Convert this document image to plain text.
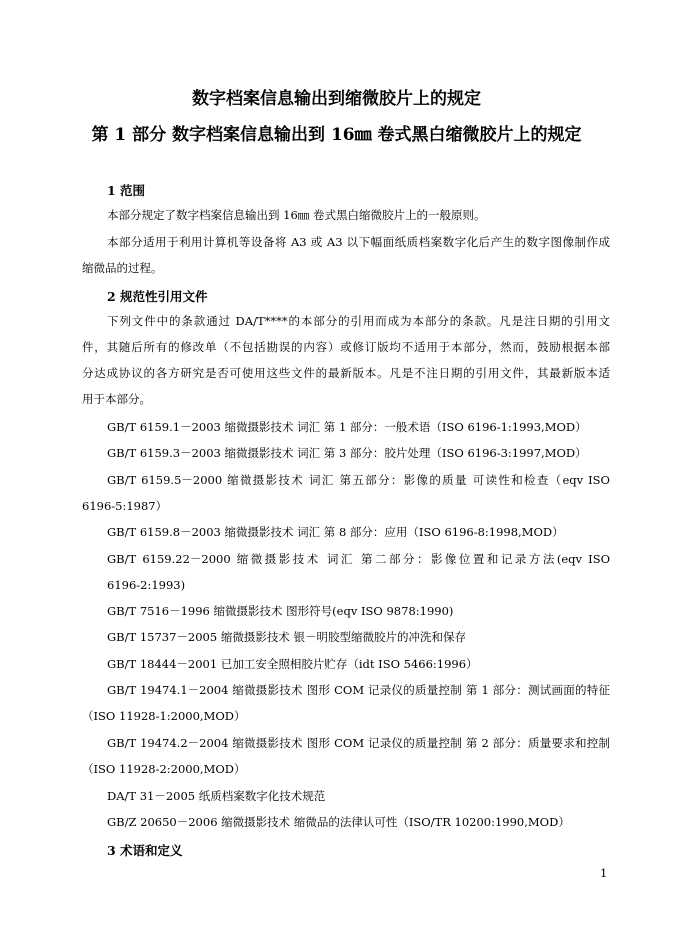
数字档案信息输出到缩微胶片上的规定
第 1 部分 数字档案信息输出到 16㎜ 卷式黑白缩微胶片上的规定
1 范围
本部分规定了数字档案信息输出到 16㎜ 卷式黑白缩微胶片上的一般原则。
本部分适用于利用计算机等设备将 A3 或 A3 以下幅面纸质档案数字化后产生的数字图像制作成
缩微品的过程。
2 规范性引用文件
下列文件中的条款通过 DA/T****的本部分的引用而成为本部分的条款。凡是注日期的引用文
件，其随后所有的修改单（不包括勘误的内容）或修订版均不适用于本部分，然而，鼓励根据本部
分达成协议的各方研究是否可使用这些文件的最新版本。凡是不注日期的引用文件，其最新版本适
用于本部分。
GB/T 6159.1－2003 缩微摄影技术 词汇 第 1 部分：一般术语（ISO 6196-1:1993,MOD）
GB/T 6159.3－2003 缩微摄影技术 词汇 第 3 部分：胶片处理（ISO 6196-3:1997,MOD）
GB/T 6159.5－2000 缩微摄影技术 词汇 第五部分：影像的质量 可读性和检查（eqv ISO
6196-5:1987）
GB/T 6159.8－2003 缩微摄影技术 词汇 第 8 部分：应用（ISO 6196-8:1998,MOD）
GB/T 6159.22－2000 缩微摄影技术 词汇 第二部分：影像位置和记录方法(eqv ISO
6196-2:1993)
GB/T 7516－1996 缩微摄影技术 图形符号(eqv ISO 9878:1990)
GB/T 15737－2005 缩微摄影技术 银－明胶型缩微胶片的冲洗和保存
GB/T 18444－2001 已加工安全照相胶片贮存（idt ISO 5466:1996）
GB/T 19474.1－2004 缩微摄影技术 图形 COM 记录仪的质量控制 第 1 部分：测试画面的特征
（ISO 11928-1:2000,MOD）
GB/T 19474.2－2004 缩微摄影技术 图形 COM 记录仪的质量控制 第 2 部分：质量要求和控制
（ISO 11928-2:2000,MOD）
DA/T 31－2005 纸质档案数字化技术规范
GB/Z 20650－2006 缩微摄影技术 缩微品的法律认可性（ISO/TR 10200:1990,MOD）
3 术语和定义
1
